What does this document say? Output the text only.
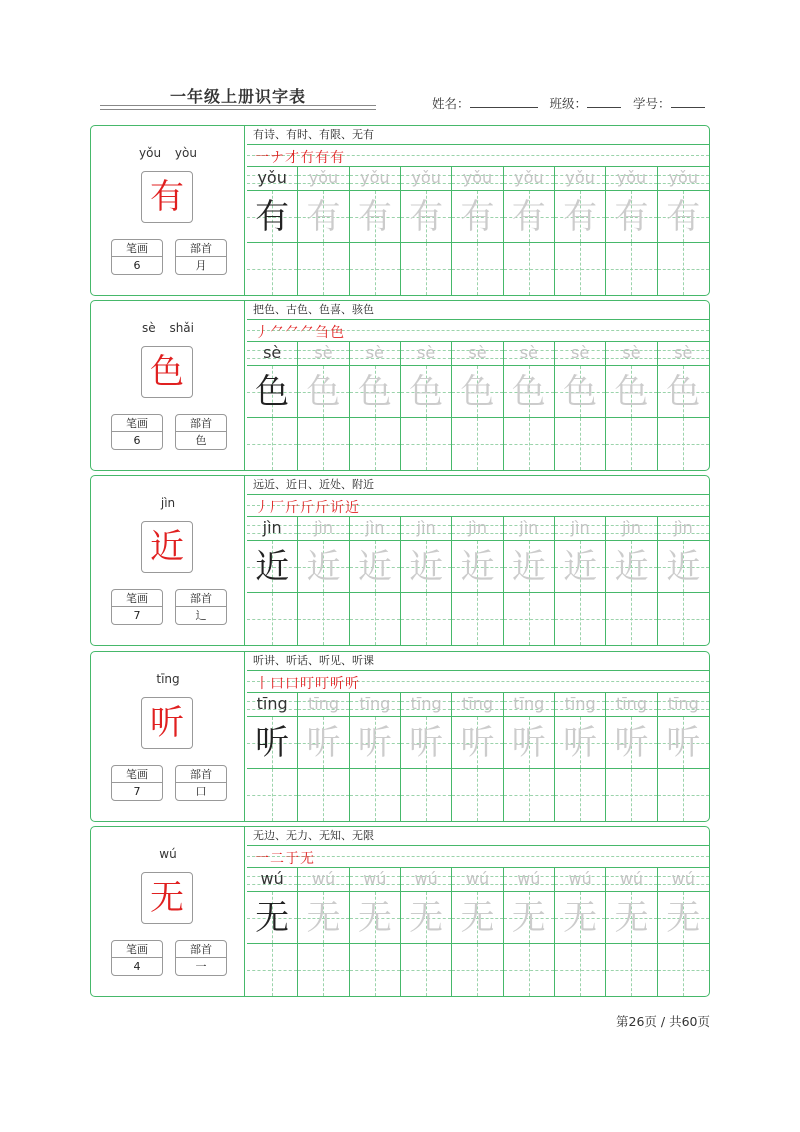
一年级上册识字表	姓名：	班级：	学号：
yǒu yòu
有
笔画
6
部首
月
有诗、有时、有限、无有
一ナ才冇有有
yǒu	yǒu	yǒu	yǒu	yǒu	yǒu	yǒu	yǒu	yǒu
有 有 有 有 有 有 有 有 有
sè shǎi
色
笔画
6
部首
色
把色、古色、色喜、骇色
丿⺈⺈⺈刍色
sè	sè	sè	sè	sè	sè	sè	sè	sè
色 色 色 色 色 色 色 色 色
jìn
近
笔画
7
部首
辶
远近、近日、近处、附近
丿厂斤斤斤䜣近
jìn	jìn	jìn	jìn	jìn	jìn	jìn	jìn	jìn
近 近 近 近 近 近 近 近 近
tīng
听
笔画
7
部首
口
听讲、听话、听见、听课
丨口口叮叮听听
tīng	tīng	tīng	tīng	tīng	tīng	tīng	tīng	tīng
听 听 听 听 听 听 听 听 听
wú
无
笔画
4
部首
一
无边、无力、无知、无限
一二于无
wú	wú	wú	wú	wú	wú	wú	wú	wú
无 无 无 无 无 无 无 无 无
第26页 / 共60页
